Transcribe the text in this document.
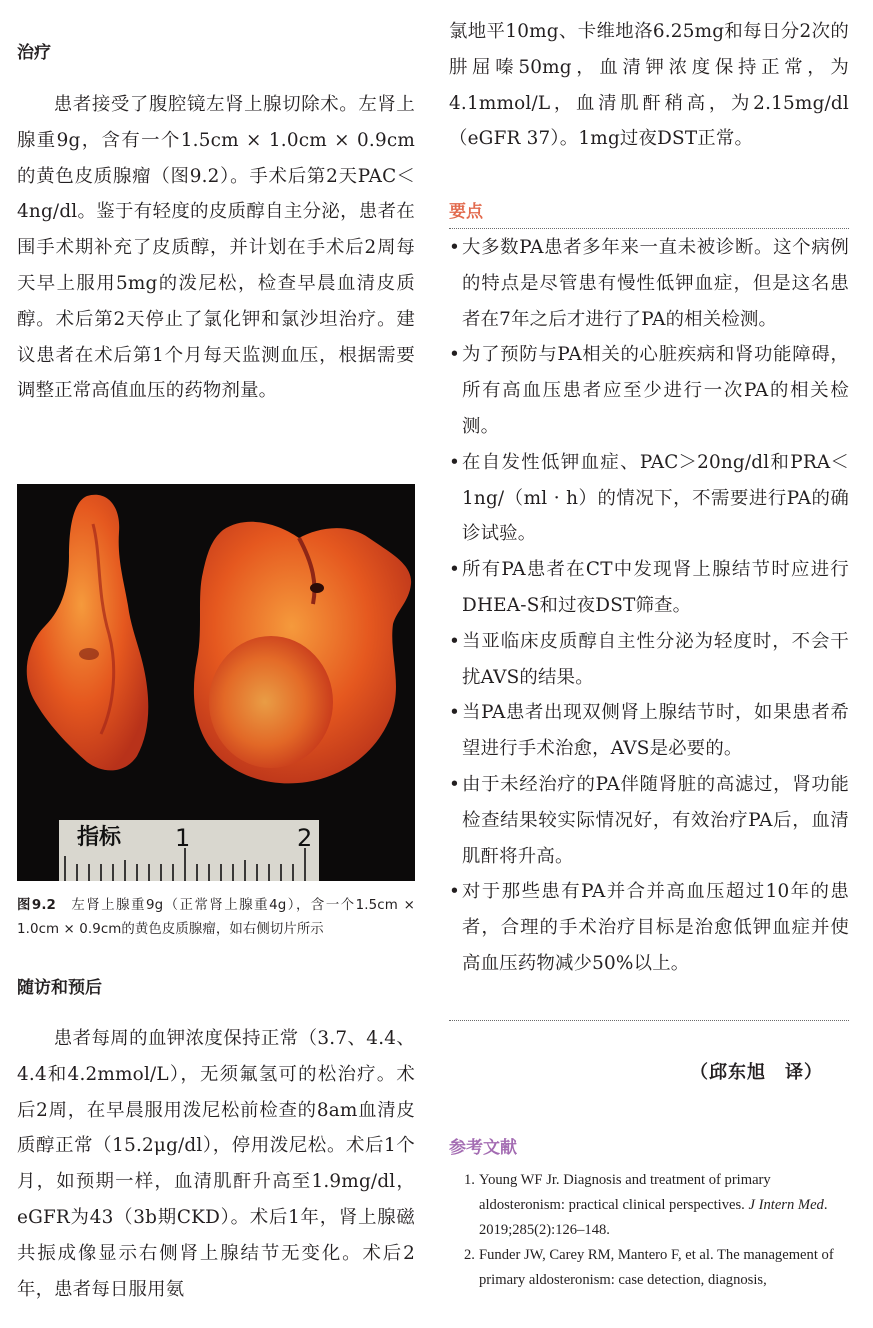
治疗

患者接受了腹腔镜左肾上腺切除术。左肾上腺重9g，含有一个1.5cm × 1.0cm × 0.9cm的黄色皮质腺瘤（图9.2）。手术后第2天PAC＜4ng/dl。鉴于有轻度的皮质醇自主分泌，患者在围手术期补充了皮质醇，并计划在手术后2周每天早上服用5mg的泼尼松，检查早晨血清皮质醇。术后第2天停止了氯化钾和氯沙坦治疗。建议患者在术后第1个月每天监测血压，根据需要调整正常高值血压的药物剂量。

指标 1	2

图9.2 左肾上腺重9g（正常肾上腺重4g），含一个1.5cm × 1.0cm × 0.9cm的黄色皮质腺瘤，如右侧切片所示

随访和预后

患者每周的血钾浓度保持正常（3.7、4.4、4.4和4.2mmol/L），无须氟氢可的松治疗。术后2周，在早晨服用泼尼松前检查的8am血清皮质醇正常（15.2μg/dl），停用泼尼松。术后1个月，如预期一样，血清肌酐升高至1.9mg/dl，eGFR为43（3b期CKD）。术后1年，肾上腺磁共振成像显示右侧肾上腺结节无变化。术后2年，患者每日服用氨

氯地平10mg、卡维地洛6.25mg和每日分2次的肼屈嗪50mg，血清钾浓度保持正常，为4.1mmol/L，血清肌酐稍高，为2.15mg/dl（eGFR 37）。1mg过夜DST正常。

要点
• 大多数PA患者多年来一直未被诊断。这个病例的特点是尽管患有慢性低钾血症，但是这名患者在7年之后才进行了PA的相关检测。
• 为了预防与PA相关的心脏疾病和肾功能障碍，所有高血压患者应至少进行一次PA的相关检测。
• 在自发性低钾血症、PAC＞20ng/dl和PRA＜1ng/（ml · h）的情况下，不需要进行PA的确诊试验。
• 所有PA患者在CT中发现肾上腺结节时应进行DHEA-S和过夜DST筛查。
• 当亚临床皮质醇自主性分泌为轻度时，不会干扰AVS的结果。
• 当PA患者出现双侧肾上腺结节时，如果患者希望进行手术治愈，AVS是必要的。
• 由于未经治疗的PA伴随肾脏的高滤过，肾功能检查结果较实际情况好，有效治疗PA后，血清肌酐将升高。
• 对于那些患有PA并合并高血压超过10年的患者，合理的手术治疗目标是治愈低钾血症并使高血压药物减少50%以上。

（邱东旭　译）

参考文献
1. Young WF Jr. Diagnosis and treatment of primary aldosteronism: practical clinical perspectives. J Intern Med. 2019;285(2):126–148.
2. Funder JW, Carey RM, Mantero F, et al. The management of primary aldosteronism: case detection, diagnosis,
